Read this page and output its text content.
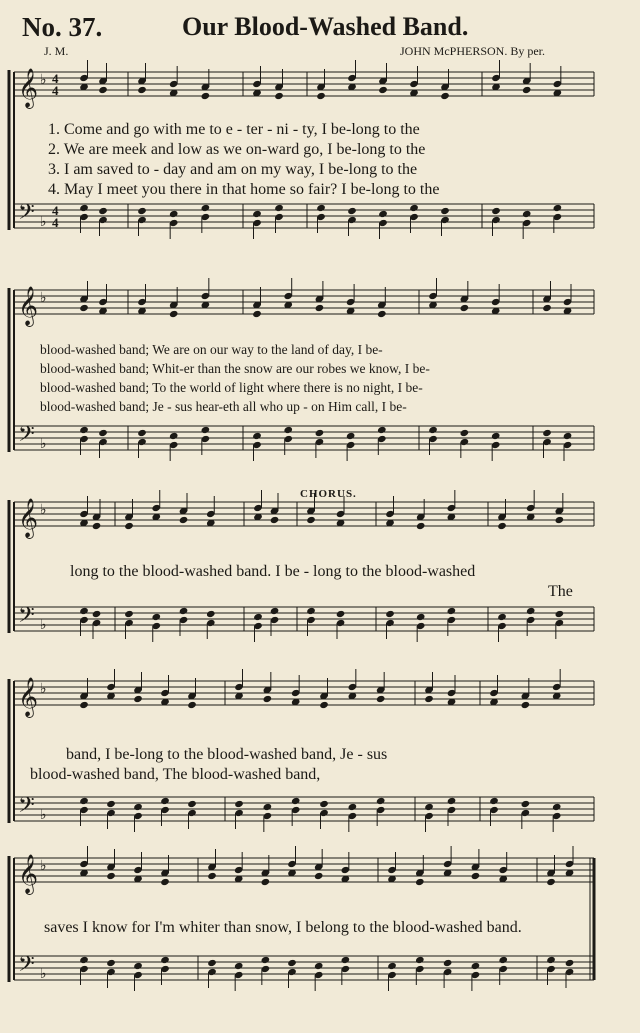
No. 37.	Our Blood-Washed Band.
J. M.	JOHN McPHERSON. By per.
𝄞
𝄢
♭
♭
4
4
4
4
𝄞
𝄢
♭
♭
𝄞
𝄢
♭
♭
𝄞
𝄢
♭
♭
𝄞
𝄢
♭
♭
1. Come and go with me to e - ter - ni - ty, I be-long to the
2. We are meek and low as we on-ward go, I be-long to the
3. I am saved to - day and am on my way, I be-long to the
4. May I meet you there in that home so fair? I be-long to the
blood-washed band; We are on our way to the land of day, I be-
blood-washed band; Whit-er than the snow are our robes we know, I be-
blood-washed band; To the world of light where there is no night, I be-
blood-washed band; Je - sus hear-eth all who up - on Him call, I be-
CHORUS.
long to the blood-washed band. I be - long to the blood-washed
The
band, I be-long to the blood-washed band, Je - sus
blood-washed band, The blood-washed band,
saves I know for I'm whiter than snow, I belong to the blood-washed band.
